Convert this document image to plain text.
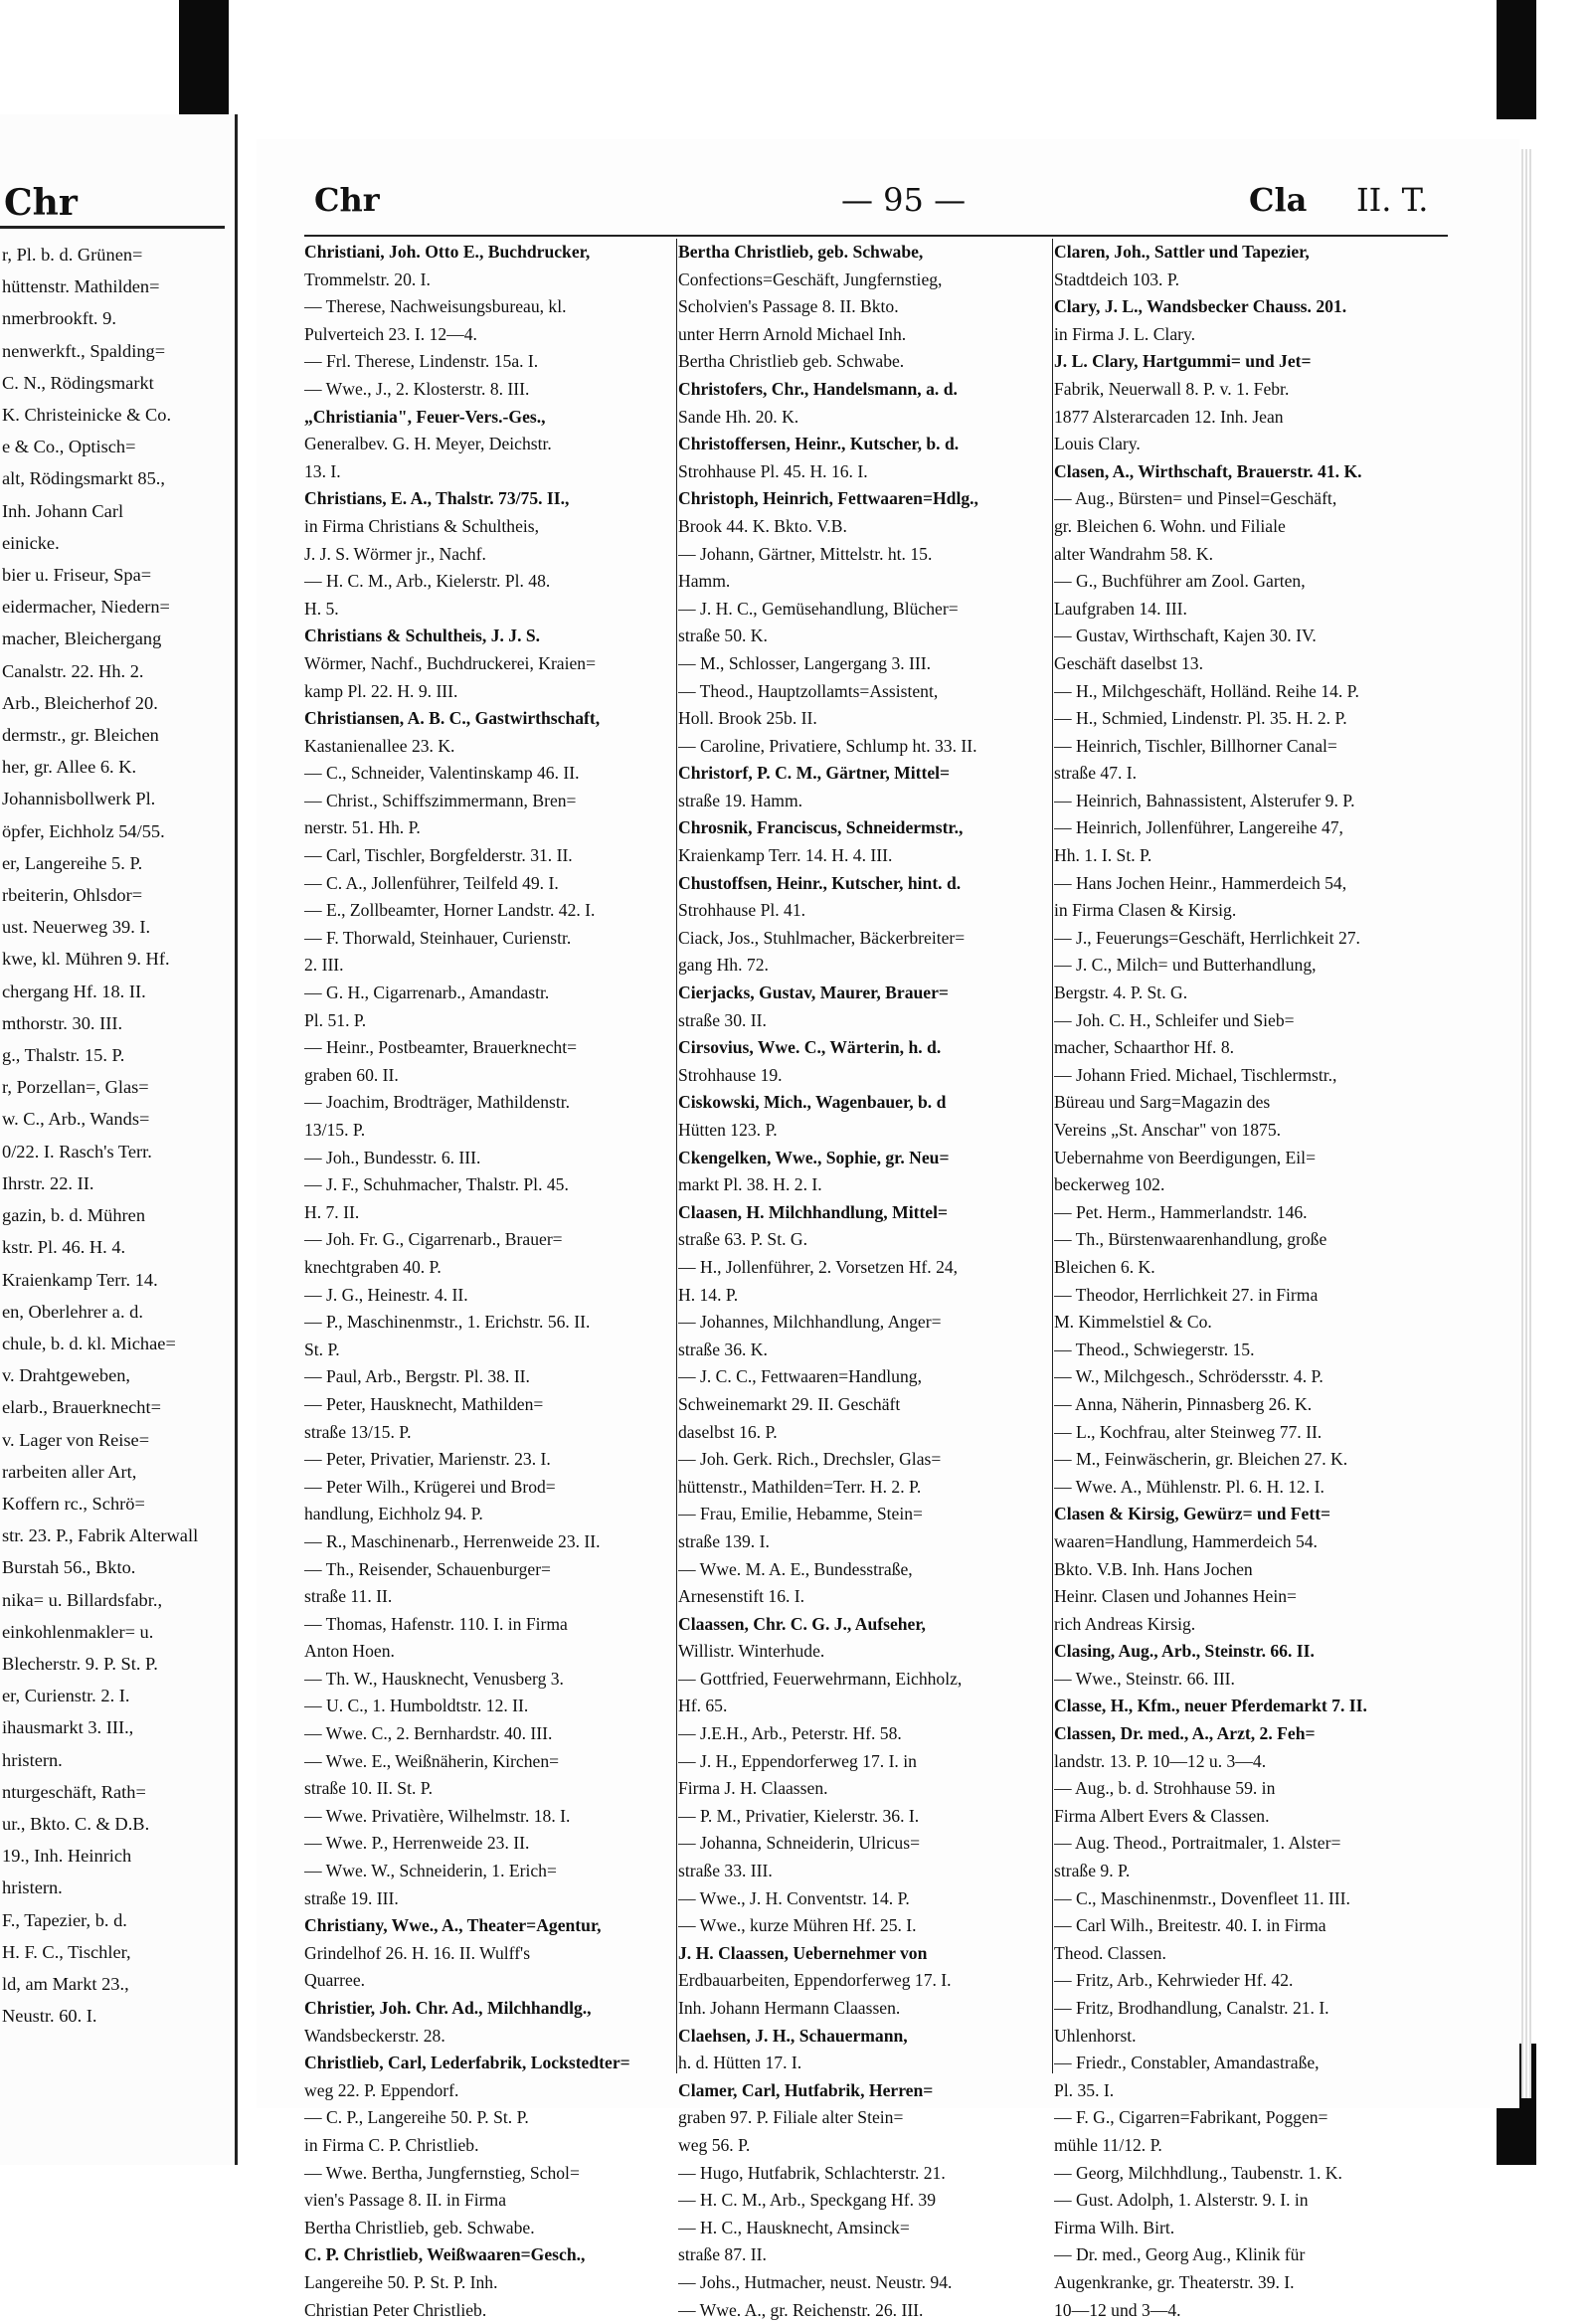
Chr
r, Pl. b. d. Grünen=
hüttenstr. Mathilden=
nmerbrookft. 9.
nenwerkft., Spalding=
C. N., Rödingsmarkt
K. Christeinicke & Co.
e & Co., Optisch=
alt, Rödingsmarkt 85.,
Inh. Johann Carl
einicke.
bier u. Friseur, Spa=
eidermacher, Niedern=
macher, Bleichergang
Canalstr. 22. Hh. 2.
Arb., Bleicherhof 20.
dermstr., gr. Bleichen
her, gr. Allee 6. K.
Johannisbollwerk Pl.
öpfer, Eichholz 54/55.
er, Langereihe 5. P.
rbeiterin, Ohlsdor=
ust. Neuerweg 39. I.
kwe, kl. Mühren 9. Hf.
chergang Hf. 18. II.
mthorstr. 30. III.
g., Thalstr. 15. P.
r, Porzellan=, Glas=
w. C., Arb., Wands=
0/22. I. Rasch's Terr.
Ihrstr. 22. II.
gazin, b. d. Mühren
kstr. Pl. 46. H. 4.
Kraienkamp Terr. 14.
en, Oberlehrer a. d.
chule, b. d. kl. Michae=
v. Drahtgeweben,
elarb., Brauerknecht=
v. Lager von Reise=
rarbeiten aller Art,
Koffern rc., Schrö=
str. 23. P., Fabrik Alterwall
Burstah 56., Bkto.
nika= u. Billardsfabr.,
einkohlenmakler= u.
Blecherstr. 9. P. St. P.
er, Curienstr. 2. I.
ihausmarkt 3. III.,
hristern.
nturgeschäft, Rath=
ur., Bkto. C. & D.B.
19., Inh. Heinrich
hristern.
F., Tapezier, b. d.
H. F. C., Tischler,
ld, am Markt 23.,
Neustr. 60. I.
Chr	— 95 —	Cla II. T.
Christiani, Joh. Otto E., Buchdrucker,
Trommelstr. 20. I.
— Therese, Nachweisungsbureau, kl.
Pulverteich 23. I. 12—4.
— Frl. Therese, Lindenstr. 15a. I.
— Wwe., J., 2. Klosterstr. 8. III.
„Christiania", Feuer-Vers.-Ges.,
Generalbev. G. H. Meyer, Deichstr.
13. I.
Christians, E. A., Thalstr. 73/75. II.,
in Firma Christians & Schultheis,
J. J. S. Wörmer jr., Nachf.
— H. C. M., Arb., Kielerstr. Pl. 48.
H. 5.
Christians & Schultheis, J. J. S.
Wörmer, Nachf., Buchdruckerei, Kraien=
kamp Pl. 22. H. 9. III.
Christiansen, A. B. C., Gastwirthschaft,
Kastanienallee 23. K.
— C., Schneider, Valentinskamp 46. II.
— Christ., Schiffszimmermann, Bren=
nerstr. 51. Hh. P.
— Carl, Tischler, Borgfelderstr. 31. II.
— C. A., Jollenführer, Teilfeld 49. I.
— E., Zollbeamter, Horner Landstr. 42. I.
— F. Thorwald, Steinhauer, Curienstr.
2. III.
— G. H., Cigarrenarb., Amandastr.
Pl. 51. P.
— Heinr., Postbeamter, Brauerknecht=
graben 60. II.
— Joachim, Brodträger, Mathildenstr.
13/15. P.
— Joh., Bundesstr. 6. III.
— J. F., Schuhmacher, Thalstr. Pl. 45.
H. 7. II.
— Joh. Fr. G., Cigarrenarb., Brauer=
knechtgraben 40. P.
— J. G., Heinestr. 4. II.
— P., Maschinenmstr., 1. Erichstr. 56. II.
St. P.
— Paul, Arb., Bergstr. Pl. 38. II.
— Peter, Hausknecht, Mathilden=
straße 13/15. P.
— Peter, Privatier, Marienstr. 23. I.
— Peter Wilh., Krügerei und Brod=
handlung, Eichholz 94. P.
— R., Maschinenarb., Herrenweide 23. II.
— Th., Reisender, Schauenburger=
straße 11. II.
— Thomas, Hafenstr. 110. I. in Firma
Anton Hoen.
— Th. W., Hausknecht, Venusberg 3.
— U. C., 1. Humboldtstr. 12. II.
— Wwe. C., 2. Bernhardstr. 40. III.
— Wwe. E., Weißnäherin, Kirchen=
straße 10. II. St. P.
— Wwe. Privatière, Wilhelmstr. 18. I.
— Wwe. P., Herrenweide 23. II.
— Wwe. W., Schneiderin, 1. Erich=
straße 19. III.
Christiany, Wwe., A., Theater=Agentur,
Grindelhof 26. H. 16. II. Wulff's
Quarree.
Christier, Joh. Chr. Ad., Milchhandlg.,
Wandsbeckerstr. 28.
Christlieb, Carl, Lederfabrik, Lockstedter=
weg 22. P. Eppendorf.
— C. P., Langereihe 50. P. St. P.
in Firma C. P. Christlieb.
— Wwe. Bertha, Jungfernstieg, Schol=
vien's Passage 8. II. in Firma
Bertha Christlieb, geb. Schwabe.
C. P. Christlieb, Weißwaaren=Gesch.,
Langereihe 50. P. St. P. Inh.
Christian Peter Christlieb.
Bertha Christlieb, geb. Schwabe,
Confections=Geschäft, Jungfernstieg,
Scholvien's Passage 8. II. Bkto.
unter Herrn Arnold Michael Inh.
Bertha Christlieb geb. Schwabe.
Christofers, Chr., Handelsmann, a. d.
Sande Hh. 20. K.
Christoffersen, Heinr., Kutscher, b. d.
Strohhause Pl. 45. H. 16. I.
Christoph, Heinrich, Fettwaaren=Hdlg.,
Brook 44. K. Bkto. V.B.
— Johann, Gärtner, Mittelstr. ht. 15.
Hamm.
— J. H. C., Gemüsehandlung, Blücher=
straße 50. K.
— M., Schlosser, Langergang 3. III.
— Theod., Hauptzollamts=Assistent,
Holl. Brook 25b. II.
— Caroline, Privatiere, Schlump ht. 33. II.
Christorf, P. C. M., Gärtner, Mittel=
straße 19. Hamm.
Chrosnik, Franciscus, Schneidermstr.,
Kraienkamp Terr. 14. H. 4. III.
Chustoffsen, Heinr., Kutscher, hint. d.
Strohhause Pl. 41.
Ciack, Jos., Stuhlmacher, Bäckerbreiter=
gang Hh. 72.
Cierjacks, Gustav, Maurer, Brauer=
straße 30. II.
Cirsovius, Wwe. C., Wärterin, h. d.
Strohhause 19.
Ciskowski, Mich., Wagenbauer, b. d
Hütten 123. P.
Ckengelken, Wwe., Sophie, gr. Neu=
markt Pl. 38. H. 2. I.
Claasen, H. Milchhandlung, Mittel=
straße 63. P. St. G.
— H., Jollenführer, 2. Vorsetzen Hf. 24,
H. 14. P.
— Johannes, Milchhandlung, Anger=
straße 36. K.
— J. C. C., Fettwaaren=Handlung,
Schweinemarkt 29. II. Geschäft
daselbst 16. P.
— Joh. Gerk. Rich., Drechsler, Glas=
hüttenstr., Mathilden=Terr. H. 2. P.
— Frau, Emilie, Hebamme, Stein=
straße 139. I.
— Wwe. M. A. E., Bundesstraße,
Arnesenstift 16. I.
Claassen, Chr. C. G. J., Aufseher,
Willistr. Winterhude.
— Gottfried, Feuerwehrmann, Eichholz,
Hf. 65.
— J.E.H., Arb., Peterstr. Hf. 58.
— J. H., Eppendorferweg 17. I. in
Firma J. H. Claassen.
— P. M., Privatier, Kielerstr. 36. I.
— Johanna, Schneiderin, Ulricus=
straße 33. III.
— Wwe., J. H. Conventstr. 14. P.
— Wwe., kurze Mühren Hf. 25. I.
J. H. Claassen, Uebernehmer von
Erdbauarbeiten, Eppendorferweg 17. I.
Inh. Johann Hermann Claassen.
Claehsen, J. H., Schauermann,
h. d. Hütten 17. I.
Clamer, Carl, Hutfabrik, Herren=
graben 97. P. Filiale alter Stein=
weg 56. P.
— Hugo, Hutfabrik, Schlachterstr. 21.
— H. C. M., Arb., Speckgang Hf. 39
— H. C., Hausknecht, Amsinck=
straße 87. II.
— Johs., Hutmacher, neust. Neustr. 94.
— Wwe. A., gr. Reichenstr. 26. III.
Claren, Joh., Sattler und Tapezier,
Stadtdeich 103. P.
Clary, J. L., Wandsbecker Chauss. 201.
in Firma J. L. Clary.
J. L. Clary, Hartgummi= und Jet=
Fabrik, Neuerwall 8. P. v. 1. Febr.
1877 Alsterarcaden 12. Inh. Jean
Louis Clary.
Clasen, A., Wirthschaft, Brauerstr. 41. K.
— Aug., Bürsten= und Pinsel=Geschäft,
gr. Bleichen 6. Wohn. und Filiale
alter Wandrahm 58. K.
— G., Buchführer am Zool. Garten,
Laufgraben 14. III.
— Gustav, Wirthschaft, Kajen 30. IV.
Geschäft daselbst 13.
— H., Milchgeschäft, Holländ. Reihe 14. P.
— H., Schmied, Lindenstr. Pl. 35. H. 2. P.
— Heinrich, Tischler, Billhorner Canal=
straße 47. I.
— Heinrich, Bahnassistent, Alsterufer 9. P.
— Heinrich, Jollenführer, Langereihe 47,
Hh. 1. I. St. P.
— Hans Jochen Heinr., Hammerdeich 54,
in Firma Clasen & Kirsig.
— J., Feuerungs=Geschäft, Herrlichkeit 27.
— J. C., Milch= und Butterhandlung,
Bergstr. 4. P. St. G.
— Joh. C. H., Schleifer und Sieb=
macher, Schaarthor Hf. 8.
— Johann Fried. Michael, Tischlermstr.,
Büreau und Sarg=Magazin des
Vereins „St. Anschar" von 1875.
Uebernahme von Beerdigungen, Eil=
beckerweg 102.
— Pet. Herm., Hammerlandstr. 146.
— Th., Bürstenwaarenhandlung, große
Bleichen 6. K.
— Theodor, Herrlichkeit 27. in Firma
M. Kimmelstiel & Co.
— Theod., Schwiegerstr. 15.
— W., Milchgesch., Schrödersstr. 4. P.
— Anna, Näherin, Pinnasberg 26. K.
— L., Kochfrau, alter Steinweg 77. II.
— M., Feinwäscherin, gr. Bleichen 27. K.
— Wwe. A., Mühlenstr. Pl. 6. H. 12. I.
Clasen & Kirsig, Gewürz= und Fett=
waaren=Handlung, Hammerdeich 54.
Bkto. V.B. Inh. Hans Jochen
Heinr. Clasen und Johannes Hein=
rich Andreas Kirsig.
Clasing, Aug., Arb., Steinstr. 66. II.
— Wwe., Steinstr. 66. III.
Classe, H., Kfm., neuer Pferdemarkt 7. II.
Classen, Dr. med., A., Arzt, 2. Feh=
landstr. 13. P. 10—12 u. 3—4.
— Aug., b. d. Strohhause 59. in
Firma Albert Evers & Classen.
— Aug. Theod., Portraitmaler, 1. Alster=
straße 9. P.
— C., Maschinenmstr., Dovenfleet 11. III.
— Carl Wilh., Breitestr. 40. I. in Firma
Theod. Classen.
— Fritz, Arb., Kehrwieder Hf. 42.
— Fritz, Brodhandlung, Canalstr. 21. I.
Uhlenhorst.
— Friedr., Constabler, Amandastraße,
Pl. 35. I.
— F. G., Cigarren=Fabrikant, Poggen=
mühle 11/12. P.
— Georg, Milchhdlung., Taubenstr. 1. K.
— Gust. Adolph, 1. Alsterstr. 9. I. in
Firma Wilh. Birt.
— Dr. med., Georg Aug., Klinik für
Augenkranke, gr. Theaterstr. 39. I.
10—12 und 3—4.
